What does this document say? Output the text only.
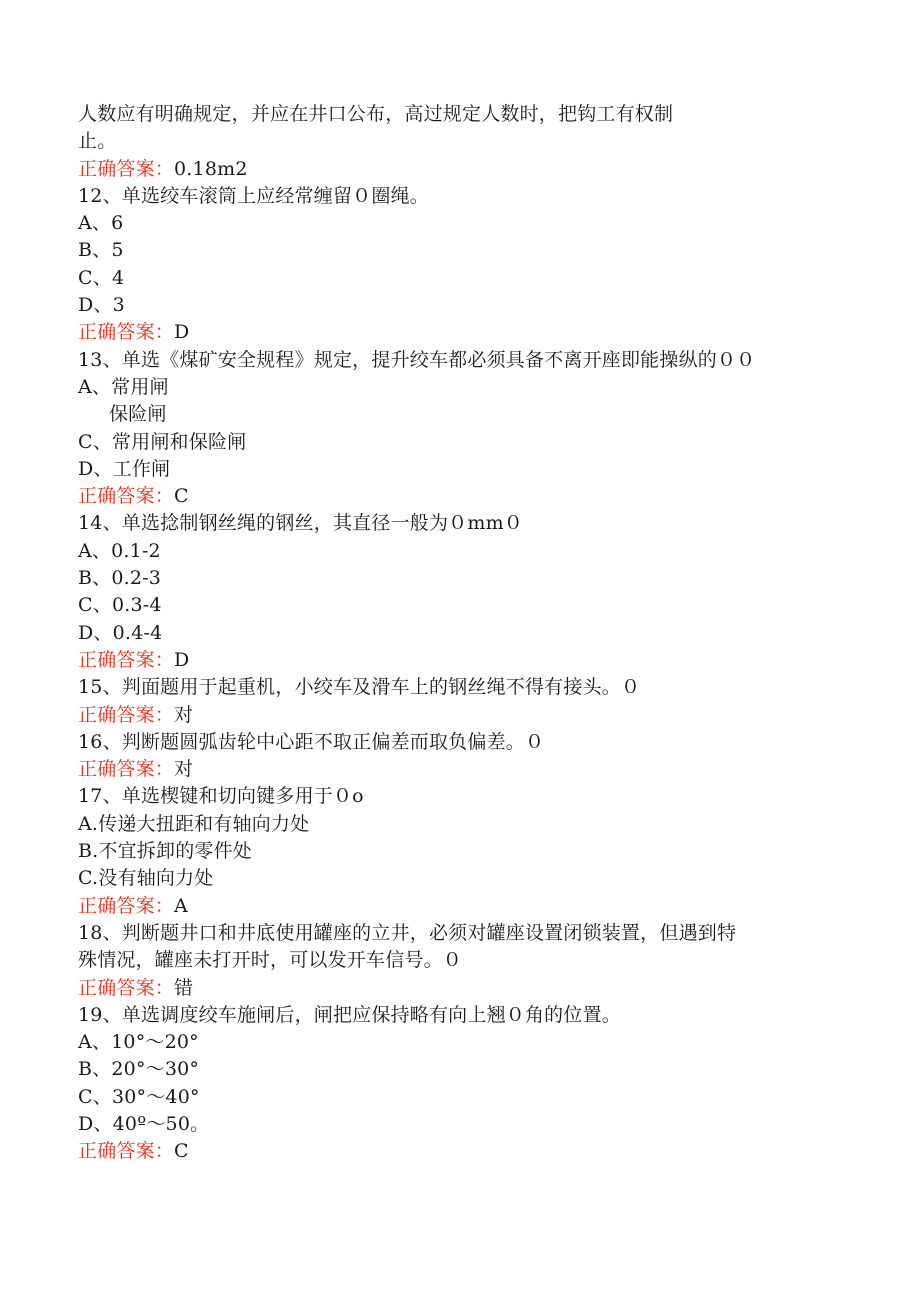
人数应有明确规定，并应在井口公布，高过规定人数时，把钩工有权制
止。
正确答案：0.18m2
12、单选绞车滚筒上应经常缠留０圈绳。
A、6
B、5
C、4
D、3
正确答案：D
13、单选《煤矿安全规程》规定，提升绞车都必须具备不离开座即能操纵的００
A、常用闸
保险闸
C、常用闸和保险闸
D、工作闸
正确答案：C
14、单选捻制钢丝绳的钢丝，其直径一般为０mm０
A、0.1-2
B、0.2-3
C、0.3-4
D、0.4-4
正确答案：D
15、判面题用于起重机，小绞车及滑车上的钢丝绳不得有接头。０
正确答案：对
16、判断题圆弧齿轮中心距不取正偏差而取负偏差。０
正确答案：对
17、单选楔键和切向键多用于０o
A.传递大扭距和有轴向力处
B.不宜拆卸的零件处
C.没有轴向力处
正确答案：A
18、判断题井口和井底使用罐座的立井，必须对罐座设置闭锁装置，但遇到特
殊情况，罐座未打开时，可以发开车信号。０
正确答案：错
19、单选调度绞车施闸后，闸把应保持略有向上翘０角的位置。
A、10°～20°
B、20°～30°
C、30°～40°
D、40º～50。
正确答案：C
